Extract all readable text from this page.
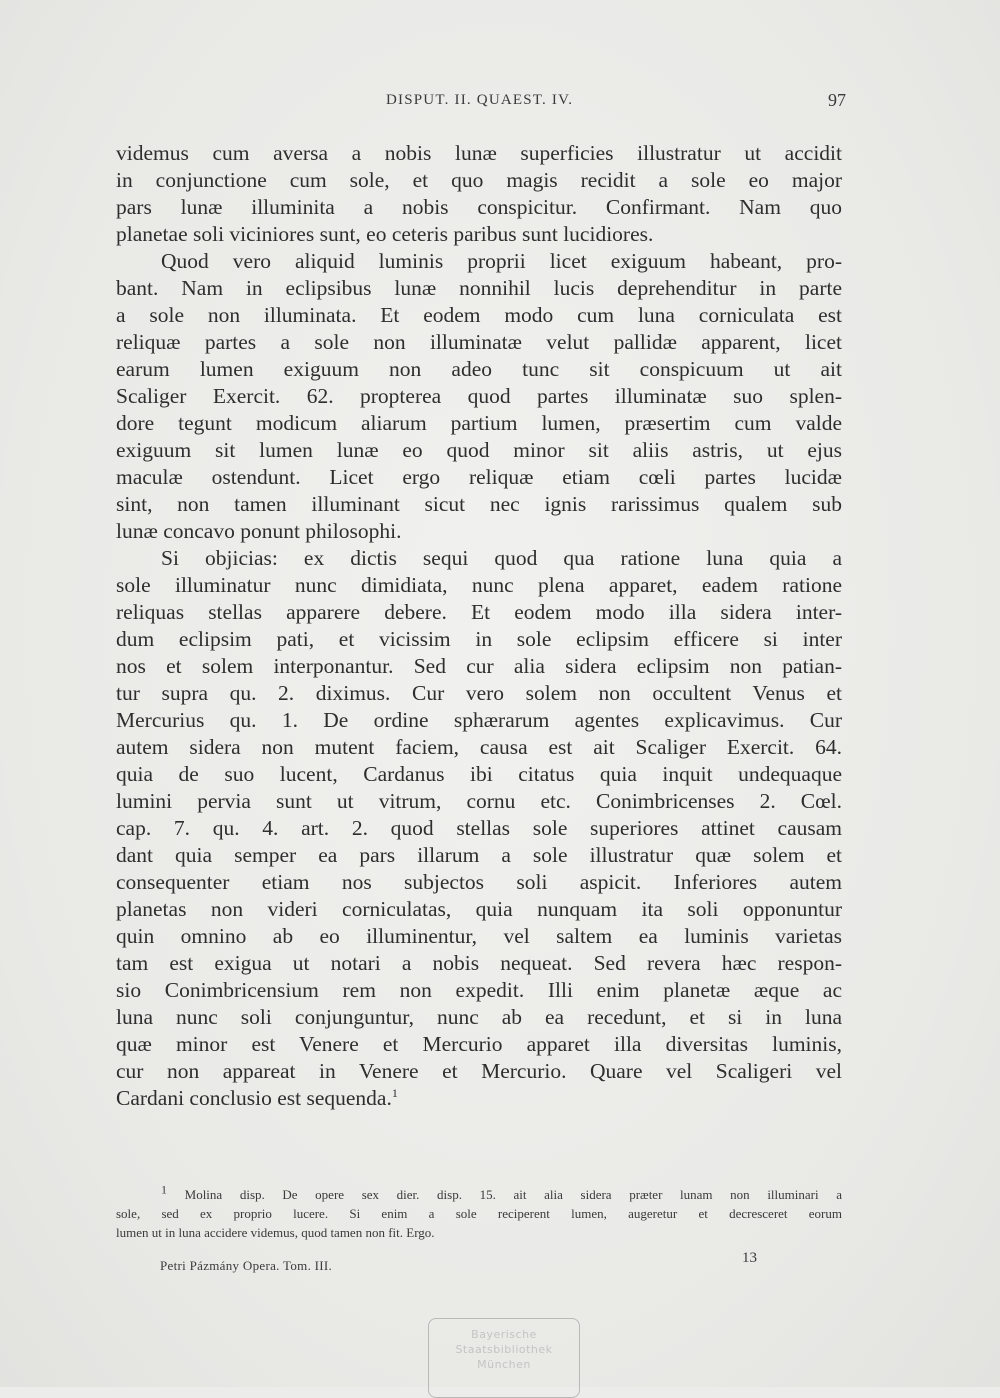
DISPUT. II. QUAEST. IV.	97
videmus cum aversa a nobis lunæ superficies illustratur ut accidit
in conjunctione cum sole, et quo magis recidit a sole eo major
pars lunæ illuminita a nobis conspicitur. Confirmant. Nam quo
planetae soli viciniores sunt, eo ceteris paribus sunt lucidiores.
Quod vero aliquid luminis proprii licet exiguum habeant, pro-
bant. Nam in eclipsibus lunæ nonnihil lucis deprehenditur in parte
a sole non illuminata. Et eodem modo cum luna corniculata est
reliquæ partes a sole non illuminatæ velut pallidæ apparent, licet
earum lumen exiguum non adeo tunc sit conspicuum ut ait
Scaliger Exercit. 62. propterea quod partes illuminatæ suo splen-
dore tegunt modicum aliarum partium lumen, præsertim cum valde
exiguum sit lumen lunæ eo quod minor sit aliis astris, ut ejus
maculæ ostendunt. Licet ergo reliquæ etiam cœli partes lucidæ
sint, non tamen illuminant sicut nec ignis rarissimus qualem sub
lunæ concavo ponunt philosophi.
Si objicias: ex dictis sequi quod qua ratione luna quia a
sole illuminatur nunc dimidiata, nunc plena apparet, eadem ratione
reliquas stellas apparere debere. Et eodem modo illa sidera inter-
dum eclipsim pati, et vicissim in sole eclipsim efficere si inter
nos et solem interponantur. Sed cur alia sidera eclipsim non patian-
tur supra qu. 2. diximus. Cur vero solem non occultent Venus et
Mercurius qu. 1. De ordine sphærarum agentes explicavimus. Cur
autem sidera non mutent faciem, causa est ait Scaliger Exercit. 64.
quia de suo lucent, Cardanus ibi citatus quia inquit undequaque
lumini pervia sunt ut vitrum, cornu etc. Conimbricenses 2. Cœl.
cap. 7. qu. 4. art. 2. quod stellas sole superiores attinet causam
dant quia semper ea pars illarum a sole illustratur quæ solem et
consequenter etiam nos subjectos soli aspicit. Inferiores autem
planetas non videri corniculatas, quia nunquam ita soli opponuntur
quin omnino ab eo illuminentur, vel saltem ea luminis varietas
tam est exigua ut notari a nobis nequeat. Sed revera hæc respon-
sio Conimbricensium rem non expedit. Illi enim planetæ æque ac
luna nunc soli conjunguntur, nunc ab ea recedunt, et si in luna
quæ minor est Venere et Mercurio apparet illa diversitas luminis,
cur non appareat in Venere et Mercurio. Quare vel Scaligeri vel
Cardani conclusio est sequenda.$^1$
$^1$ Molina disp. De opere sex dier. disp. 15. ait alia sidera præter lunam non illuminari a
sole, sed ex proprio lucere. Si enim a sole reciperent lumen, augeretur et decresceret eorum
lumen ut in luna accidere videmus, quod tamen non fit. Ergo.
Petri Pázmány Opera. Tom. III.	13
Bayerische
Staatsbibliothek
München
